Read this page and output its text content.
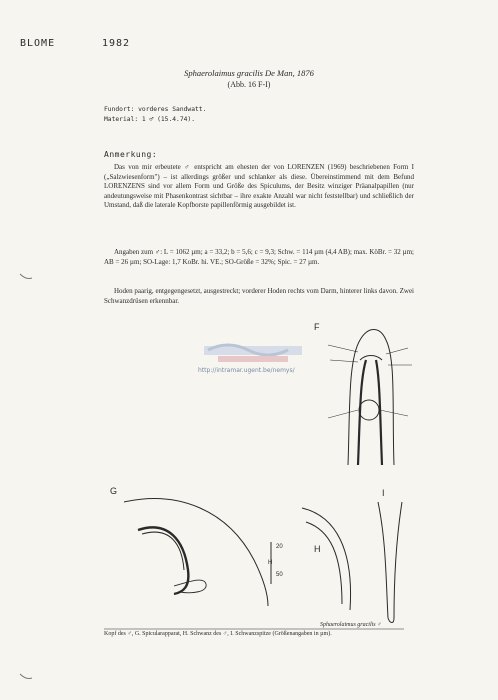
BLOME	1982
Sphaerolaimus gracilis De Man, 1876
(Abb. 16 F-I)
Fundort: vorderes Sandwatt.
Material: 1 ♂ (15.4.74).
Anmerkung:
Das von mir erbeutete ♂ entspricht am ehesten der von LORENZEN (1969) beschriebenen Form I („Salzwiesenform") – ist allerdings größer und schlanker als diese. Übereinstimmend mit dem Befund LORENZENS sind vor allem Form und Größe des Spiculums, der Besitz winziger Präanalpapillen (nur andeutungsweise mit Phasenkontrast sichtbar – ihre exakte Anzahl war nicht feststellbar) und schließlich der Umstand, daß die laterale Kopfborste papillenförmig ausgebildet ist.
Angaben zum ♂: L = 1062 µm; a = 33,2; b = 5,6; c = 9,3; Schw. = 114 µm (4,4 AB); max. KöBr. = 32 µm; AB = 26 µm; SO-Lage: 1,7 KoBr. hi. VE.; SO-Größe = 32%; Spic. = 27 µm.
Hoden paarig, entgegengesetzt, ausgestreckt; vorderer Hoden rechts vom Darm, hinterer links davon. Zwei Schwanzdrüsen erkennbar.
http://intramar.ugent.be/nemys/
F
G
20
H
50
H
I
Sphaerolaimus gracilis ♂
Kopf des ♂, G. Spicularapparat, H. Schwanz des ♂, I. Schwanzspitze (Größenangaben in µm).
